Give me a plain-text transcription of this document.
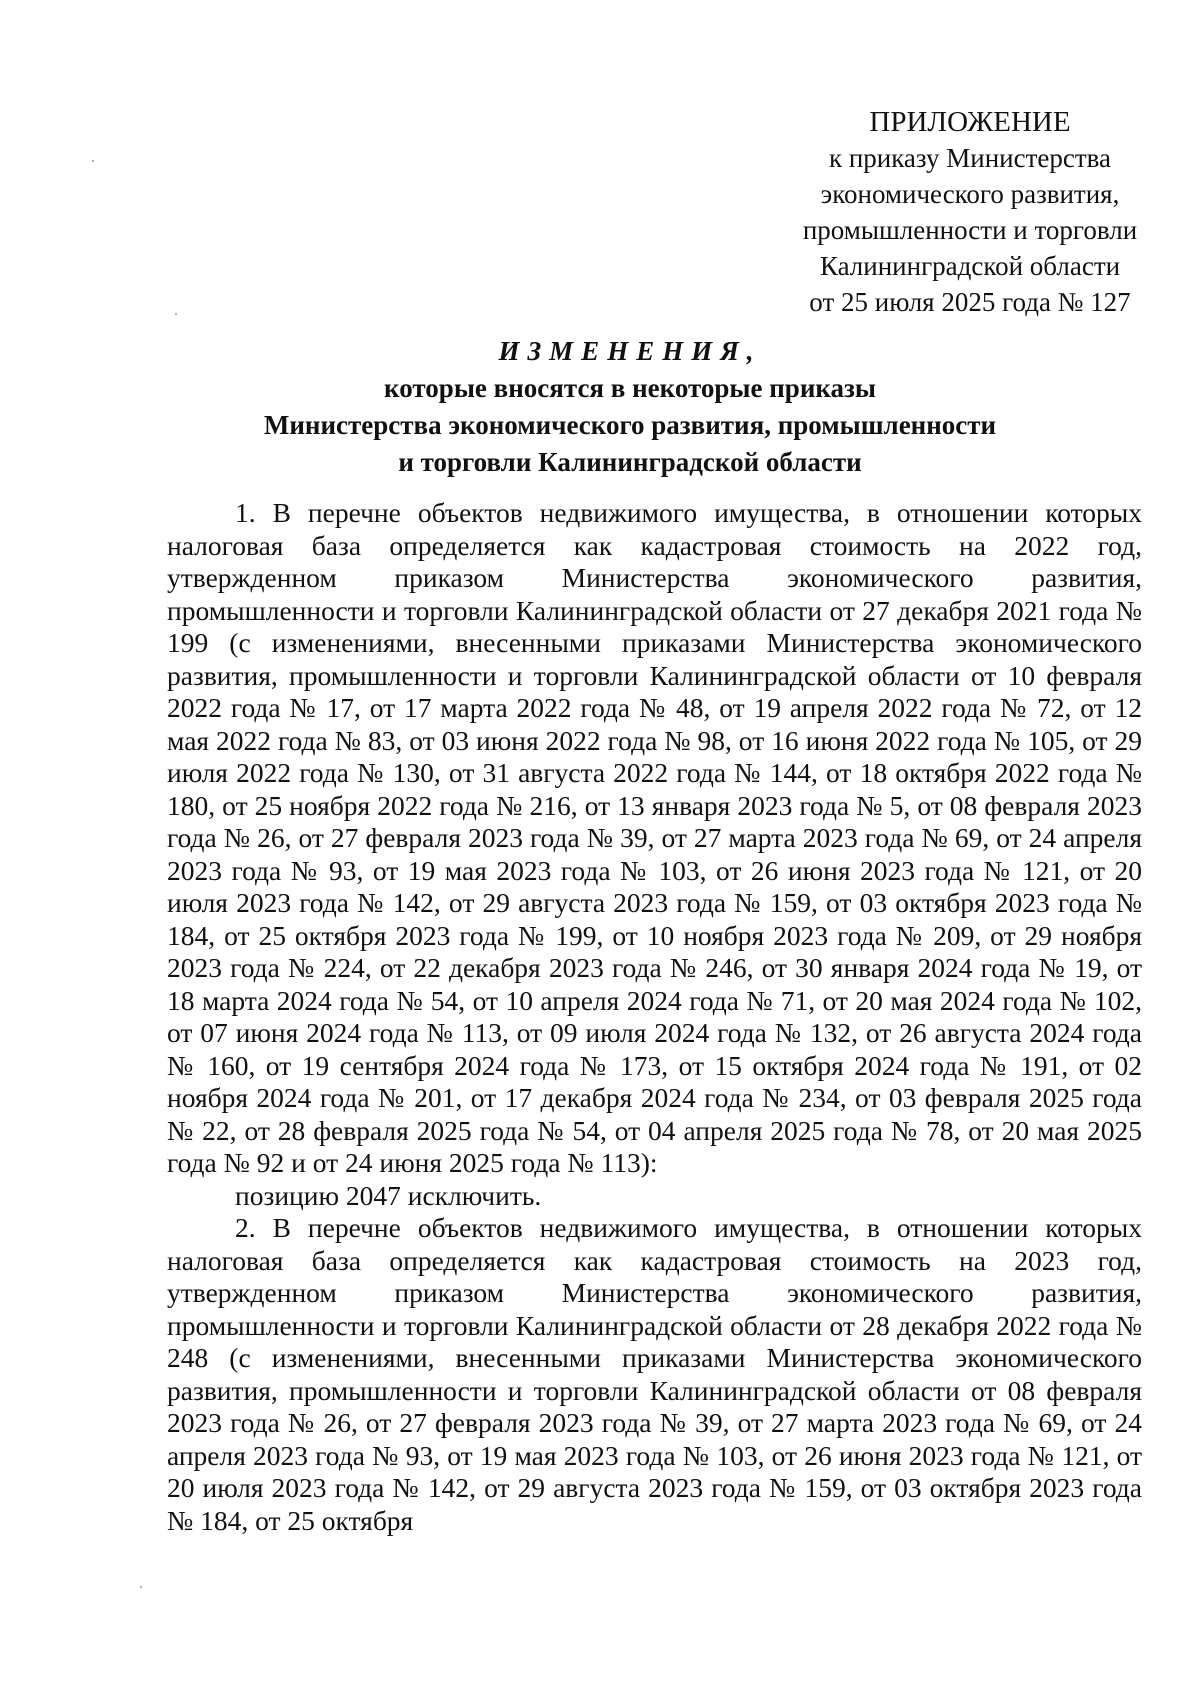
ПРИЛОЖЕНИЕ
к приказу Министерства
экономического развития,
промышленности и торговли
Калининградской области
от 25 июля 2025 года № 127
ИЗМЕНЕНИЯ,
которые вносятся в некоторые приказы
Министерства экономического развития, промышленности
и торговли Калининградской области

1. В перечне объектов недвижимого имущества, в отношении которых налоговая база определяется как кадастровая стоимость на 2022 год, утвержденном приказом Министерства экономического развития, промышленности и торговли Калининградской области от 27 декабря 2021 года № 199 (с изменениями, внесенными приказами Министерства экономического развития, промышленности и торговли Калининградской области от 10 февраля 2022 года № 17, от 17 марта 2022 года № 48, от 19 апреля 2022 года № 72, от 12 мая 2022 года № 83, от 03 июня 2022 года № 98, от 16 июня 2022 года № 105, от 29 июля 2022 года № 130, от 31 августа 2022 года № 144, от 18 октября 2022 года № 180, от 25 ноября 2022 года № 216, от 13 января 2023 года № 5, от 08 февраля 2023 года № 26, от 27 февраля 2023 года № 39, от 27 марта 2023 года № 69, от 24 апреля 2023 года № 93, от 19 мая 2023 года № 103, от 26 июня 2023 года № 121, от 20 июля 2023 года № 142, от 29 августа 2023 года № 159, от 03 октября 2023 года № 184, от 25 октября 2023 года № 199, от 10 ноября 2023 года № 209, от 29 ноября 2023 года № 224, от 22 декабря 2023 года № 246, от 30 января 2024 года № 19, от 18 марта 2024 года № 54, от 10 апреля 2024 года № 71, от 20 мая 2024 года № 102, от 07 июня 2024 года № 113, от 09 июля 2024 года № 132, от 26 августа 2024 года № 160, от 19 сентября 2024 года № 173, от 15 октября 2024 года № 191, от 02 ноября 2024 года № 201, от 17 декабря 2024 года № 234, от 03 февраля 2025 года № 22, от 28 февраля 2025 года № 54, от 04 апреля 2025 года № 78, от 20 мая 2025 года № 92 и от 24 июня 2025 года № 113):

позицию 2047 исключить.

2. В перечне объектов недвижимого имущества, в отношении которых налоговая база определяется как кадастровая стоимость на 2023 год, утвержденном приказом Министерства экономического развития, промышленности и торговли Калининградской области от 28 декабря 2022 года № 248 (с изменениями, внесенными приказами Министерства экономического развития, промышленности и торговли Калининградской области от 08 февраля 2023 года № 26, от 27 февраля 2023 года № 39, от 27 марта 2023 года № 69, от 24 апреля 2023 года № 93, от 19 мая 2023 года № 103, от 26 июня 2023 года № 121, от 20 июля 2023 года № 142, от 29 августа 2023 года № 159, от 03 октября 2023 года № 184, от 25 октября
